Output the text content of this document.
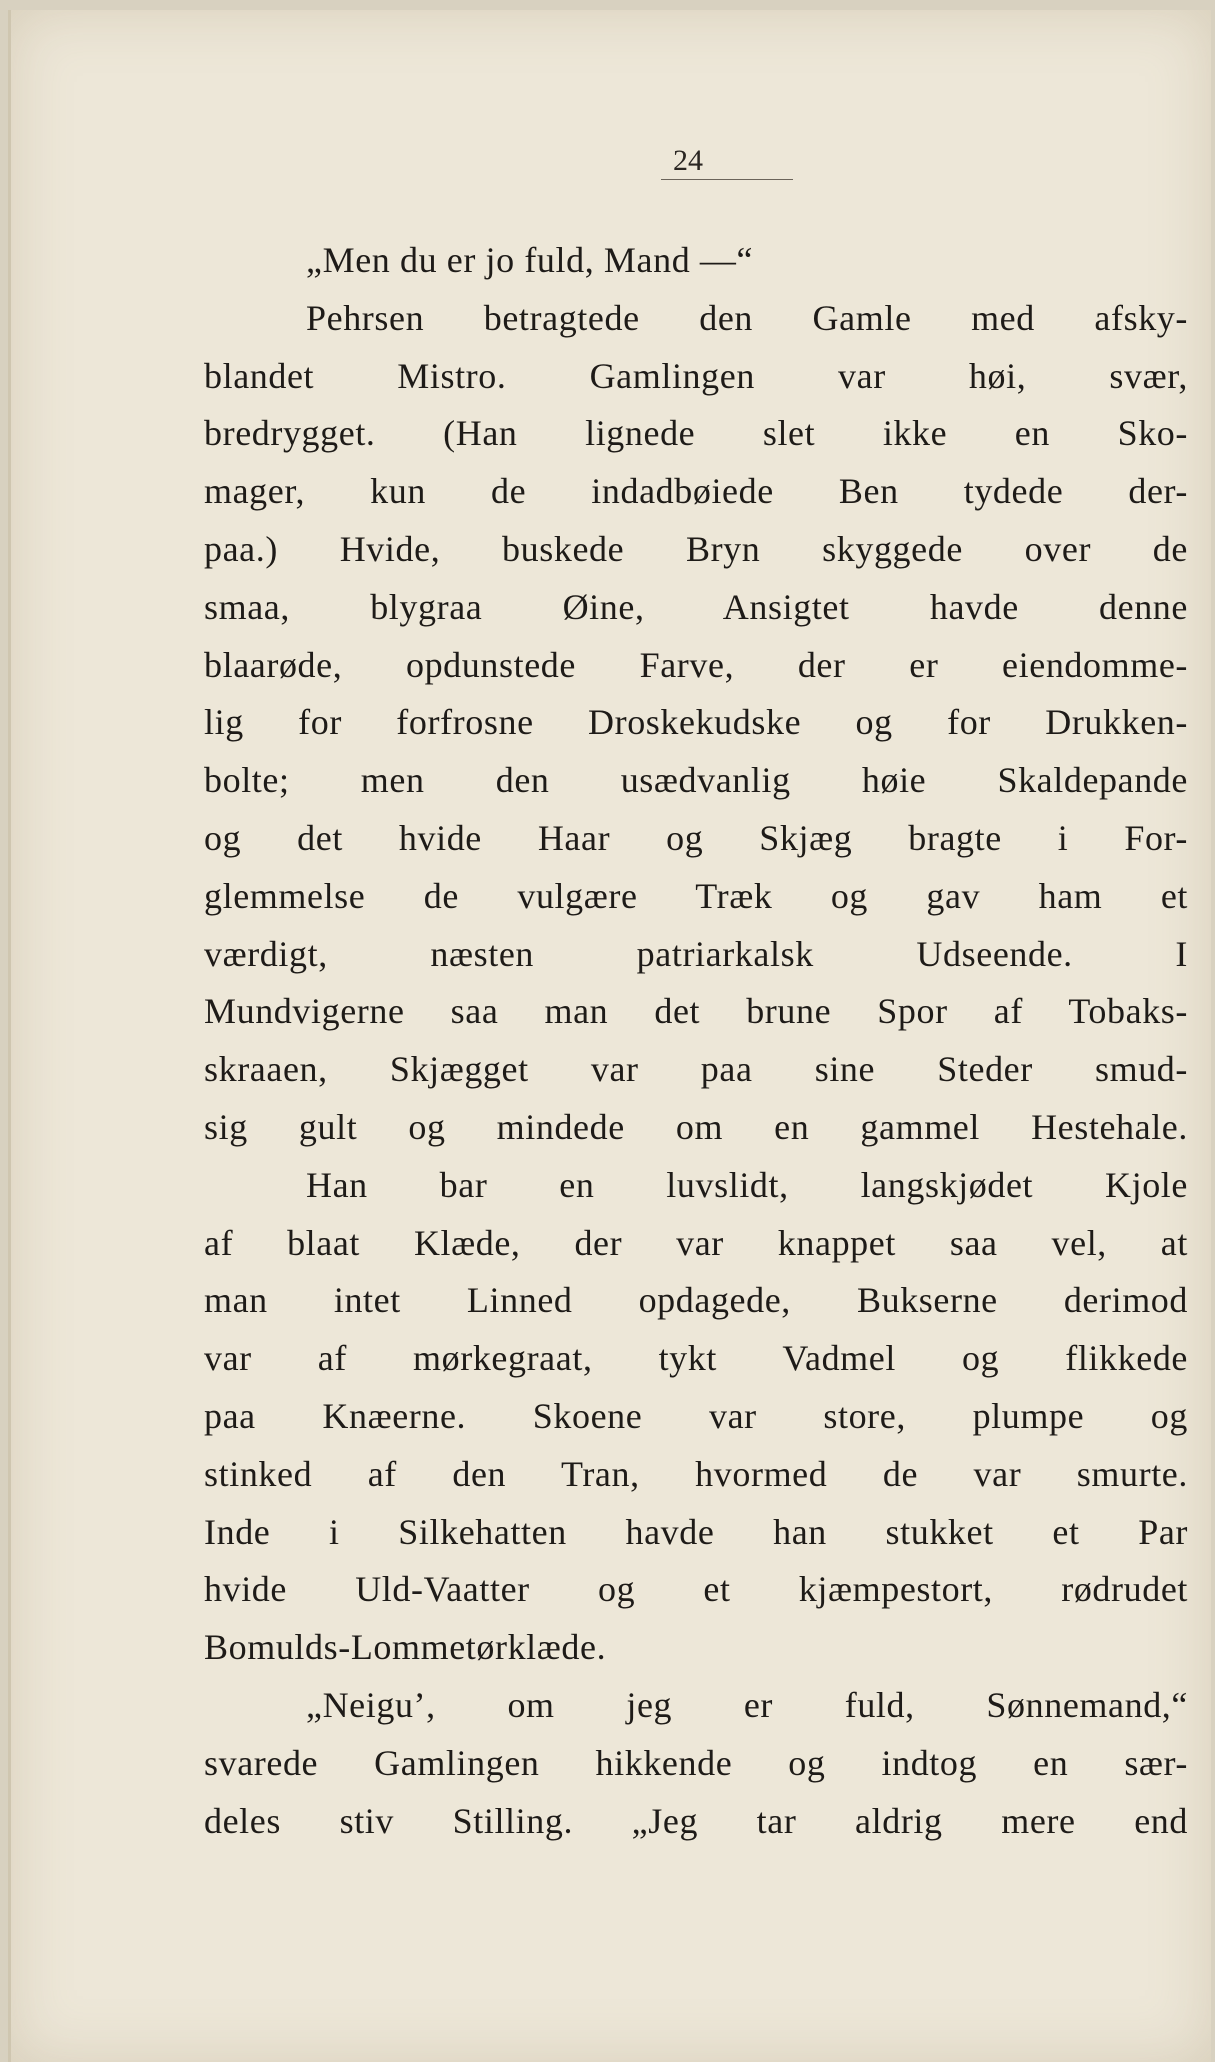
24
„Men du er jo fuld, Mand —“
Pehrsen betragtede den Gamle med afsky-
blandet Mistro. Gamlingen var høi, svær,
bredrygget. (Han lignede slet ikke en Sko-
mager, kun de indadbøiede Ben tydede der-
paa.) Hvide, buskede Bryn skyggede over de
smaa, blygraa Øine, Ansigtet havde denne
blaarøde, opdunstede Farve, der er eiendomme-
lig for forfrosne Droskekudske og for Drukken-
bolte; men den usædvanlig høie Skaldepande
og det hvide Haar og Skjæg bragte i For-
glemmelse de vulgære Træk og gav ham et
værdigt, næsten patriarkalsk Udseende. I
Mundvigerne saa man det brune Spor af Tobaks-
skraaen, Skjægget var paa sine Steder smud-
sig gult og mindede om en gammel Hestehale.
Han bar en luvslidt, langskjødet Kjole
af blaat Klæde, der var knappet saa vel, at
man intet Linned opdagede, Bukserne derimod
var af mørkegraat, tykt Vadmel og flikkede
paa Knæerne. Skoene var store, plumpe og
stinked af den Tran, hvormed de var smurte.
Inde i Silkehatten havde han stukket et Par
hvide Uld-Vaatter og et kjæmpestort, rødrudet
Bomulds-Lommetørklæde.
„Neigu’, om jeg er fuld, Sønnemand,“
svarede Gamlingen hikkende og indtog en sær-
deles stiv Stilling. „Jeg tar aldrig mere end
